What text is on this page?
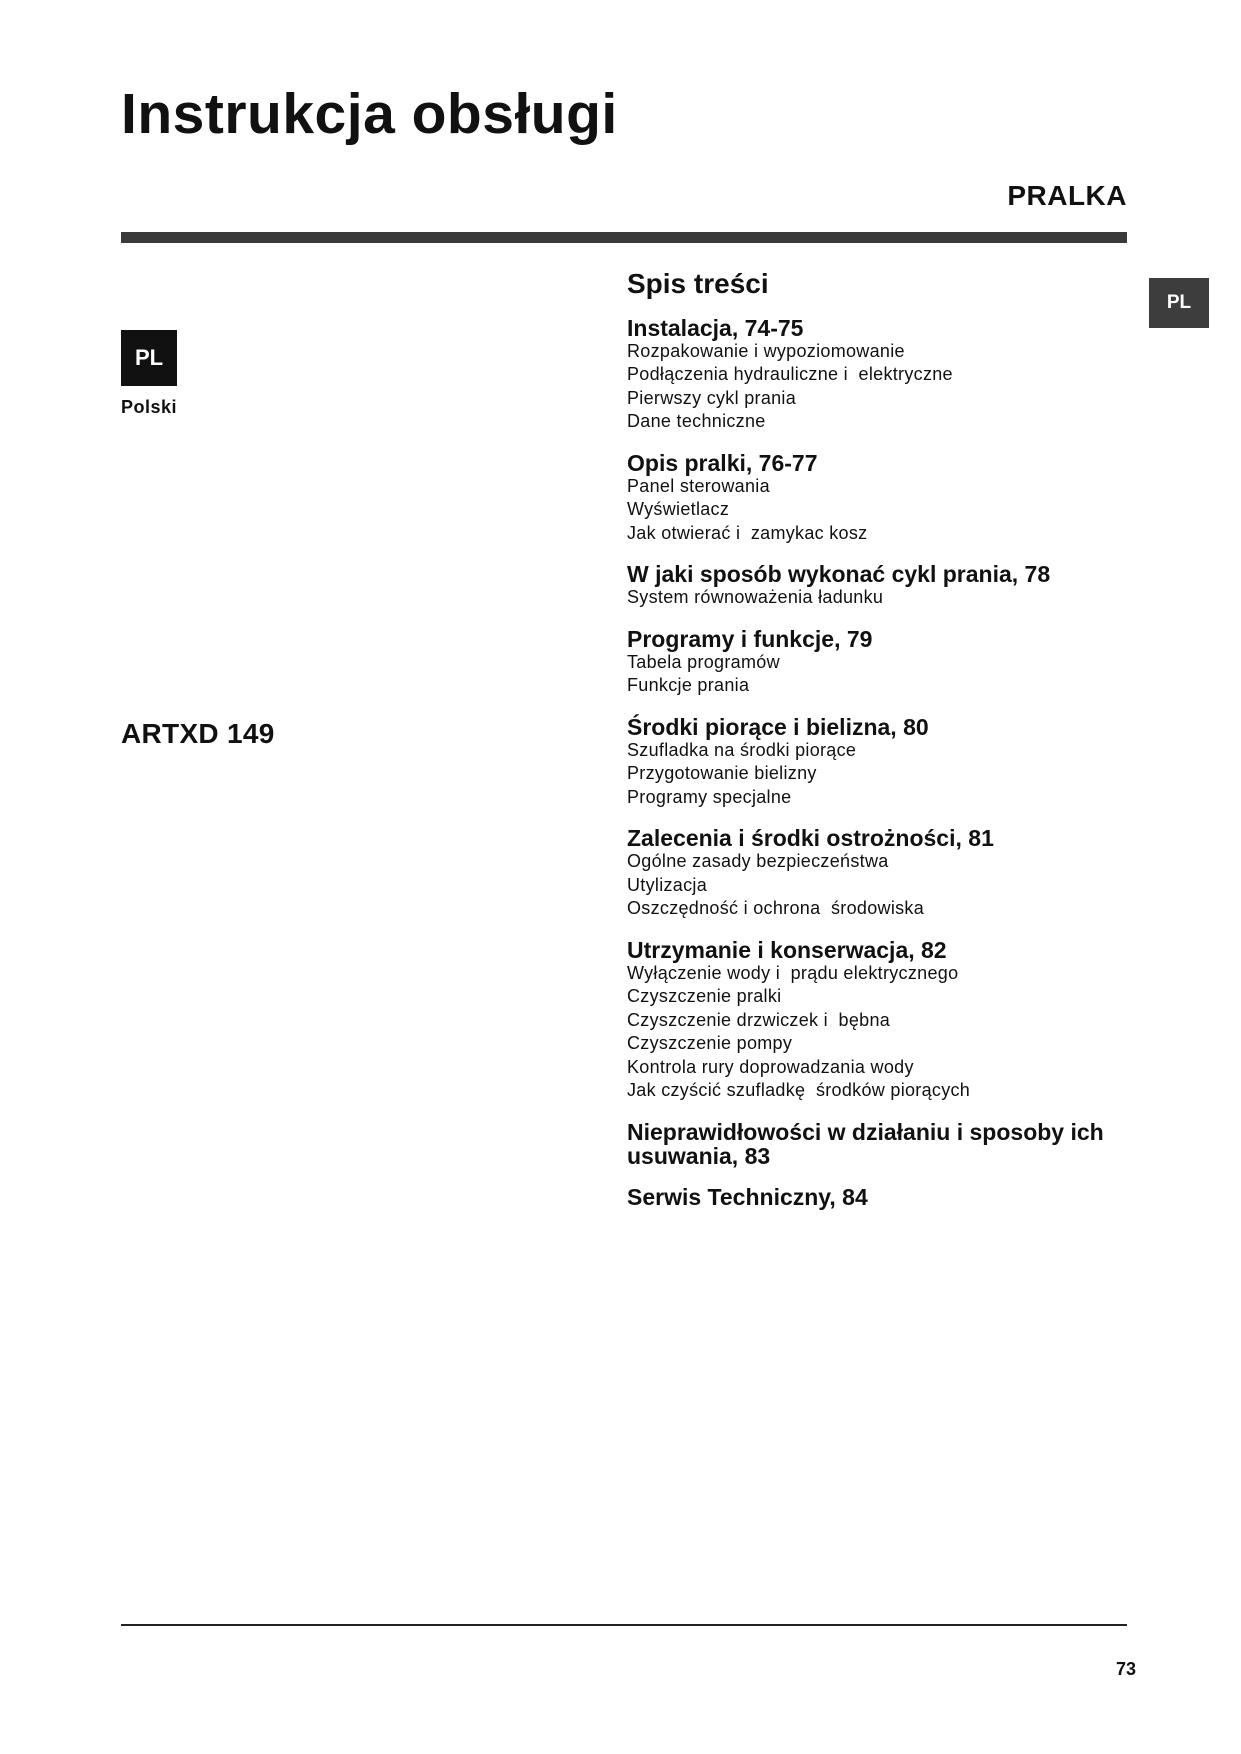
Instrukcja obsługi
PRALKA
PL
PL
Polski
ARTXD 149
Spis treści
Instalacja, 74-75
Rozpakowanie i wypoziomowanie
Podłączenia hydrauliczne i  elektryczne
Pierwszy cykl prania
Dane techniczne
Opis pralki, 76-77
Panel sterowania
Wyświetlacz
Jak otwierać i  zamykac kosz
W jaki sposób wykonać cykl prania, 78
System równoważenia ładunku
Programy i funkcje, 79
Tabela programów
Funkcje prania
Środki piorące i bielizna, 80
Szufladka na środki piorące
Przygotowanie bielizny
Programy specjalne
Zalecenia i środki ostrożności, 81
Ogólne zasady bezpieczeństwa
Utylizacja
Oszczędność i ochrona  środowiska
Utrzymanie i konserwacja, 82
Wyłączenie wody i  prądu elektrycznego
Czyszczenie pralki
Czyszczenie drzwiczek i  bębna
Czyszczenie pompy
Kontrola rury doprowadzania wody
Jak czyścić szufladkę  środków piorących
Nieprawidłowości w działaniu i sposoby ich usuwania, 83
Serwis Techniczny, 84
73
